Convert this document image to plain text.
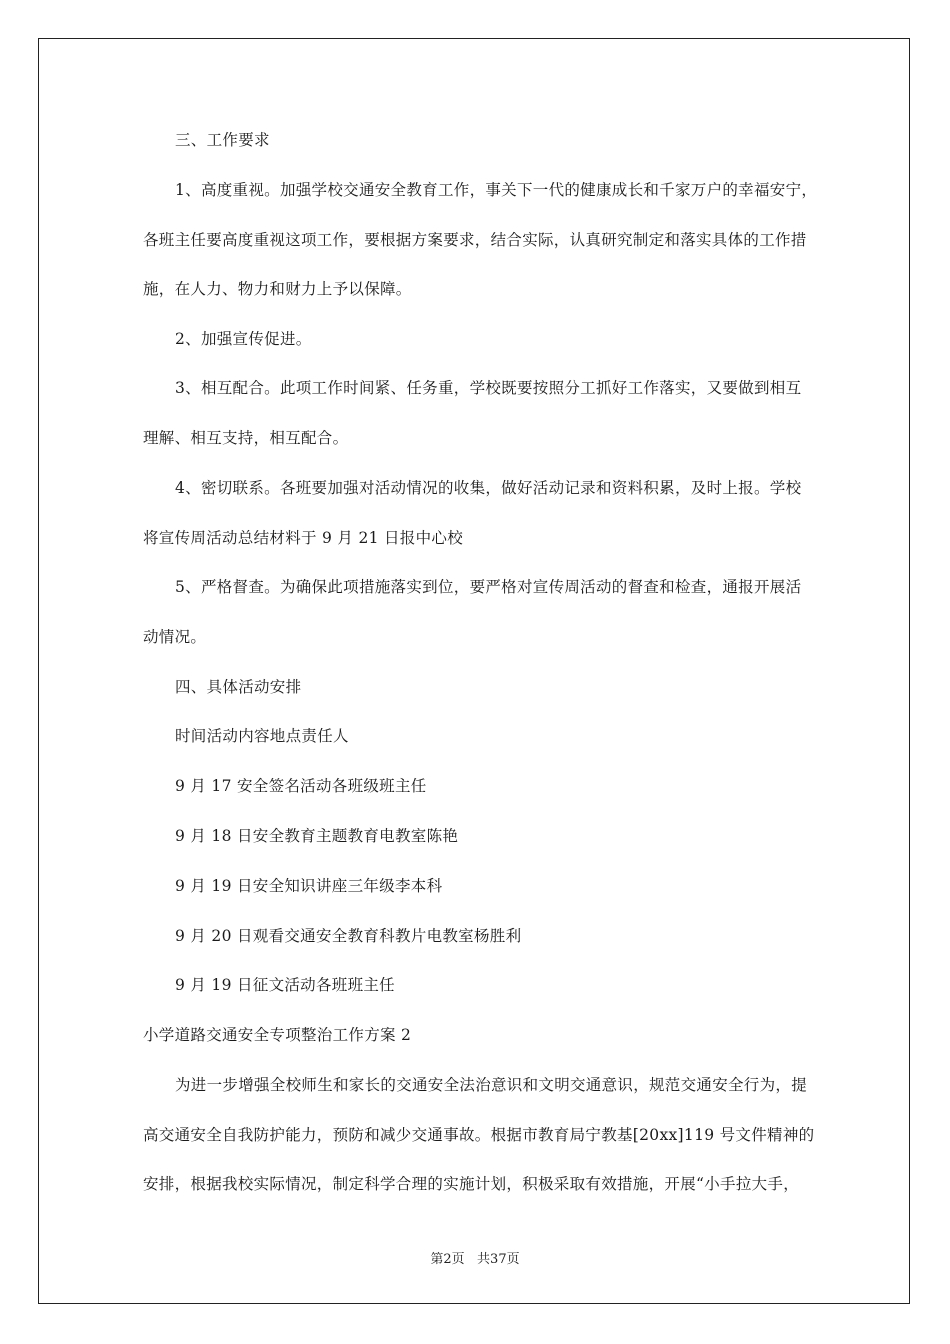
三、工作要求
1、高度重视。加强学校交通安全教育工作，事关下一代的健康成长和千家万户的幸福安宁，
各班主任要高度重视这项工作，要根据方案要求，结合实际，认真研究制定和落实具体的工作措
施，在人力、物力和财力上予以保障。
2、加强宣传促进。
3、相互配合。此项工作时间紧、任务重，学校既要按照分工抓好工作落实，又要做到相互
理解、相互支持，相互配合。
4、密切联系。各班要加强对活动情况的收集，做好活动记录和资料积累，及时上报。学校
将宣传周活动总结材料于 9 月 21 日报中心校
5、严格督查。为确保此项措施落实到位，要严格对宣传周活动的督查和检查，通报开展活
动情况。
四、具体活动安排
时间活动内容地点责任人
9 月 17 安全签名活动各班级班主任
9 月 18 日安全教育主题教育电教室陈艳
9 月 19 日安全知识讲座三年级李本科
9 月 20 日观看交通安全教育科教片电教室杨胜利
9 月 19 日征文活动各班班主任
小学道路交通安全专项整治工作方案 2
为进一步增强全校师生和家长的交通安全法治意识和文明交通意识，规范交通安全行为，提
高交通安全自我防护能力，预防和减少交通事故。根据市教育局宁教基[20xx]119 号文件精神的
安排，根据我校实际情况，制定科学合理的实施计划，积极采取有效措施，开展“小手拉大手，
第2页   共37页
